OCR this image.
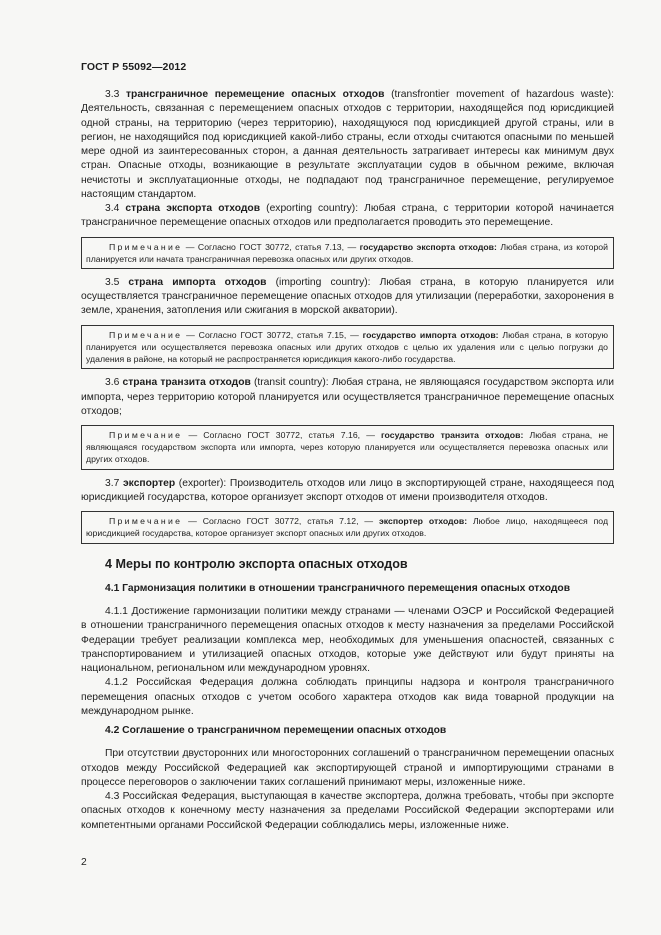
ГОСТ Р 55092—2012

3.3 трансграничное перемещение опасных отходов (transfrontier movement of hazardous waste): Деятельность, связанная с перемещением опасных отходов с территории, находящейся под юрисдикцией одной страны, на территорию (через территорию), находящуюся под юрисдикцией другой страны, или в регион, не находящийся под юрисдикцией какой-либо страны, если отходы считаются опасными по меньшей мере одной из заинтересованных сторон, а данная деятельность затрагивает интересы как минимум двух стран. Опасные отходы, возникающие в результате эксплуатации судов в обычном режиме, включая нечистоты и эксплуатационные отходы, не подпадают под трансграничное перемещение, регулируемое настоящим стандартом.

3.4 страна экспорта отходов (exporting country): Любая страна, с территории которой начинается трансграничное перемещение опасных отходов или предполагается проводить это перемещение.

Примечание — Согласно ГОСТ 30772, статья 7.13, — государство экспорта отходов: Любая страна, из которой планируется или начата трансграничная перевозка опасных или других отходов.

3.5 страна импорта отходов (importing country): Любая страна, в которую планируется или осуществляется трансграничное перемещение опасных отходов для утилизации (переработки, захоронения в земле, хранения, затопления или сжигания в морской акватории).

Примечание — Согласно ГОСТ 30772, статья 7.15, — государство импорта отходов: Любая страна, в которую планируется или осуществляется перевозка опасных или других отходов с целью их удаления или с целью погрузки до удаления в районе, на который не распространяется юрисдикция какого-либо государства.

3.6 страна транзита отходов (transit country): Любая страна, не являющаяся государством экспорта или импорта, через территорию которой планируется или осуществляется трансграничное перемещение опасных отходов;

Примечание — Согласно ГОСТ 30772, статья 7.16, — государство транзита отходов: Любая страна, не являющаяся государством экспорта или импорта, через которую планируется или осуществляется перевозка опасных или других отходов.

3.7 экспортер (exporter): Производитель отходов или лицо в экспортирующей стране, находящееся под юрисдикцией государства, которое организует экспорт отходов от имени производителя отходов.

Примечание — Согласно ГОСТ 30772, статья 7.12, — экспортер отходов: Любое лицо, находящееся под юрисдикцией государства, которое организует экспорт опасных или других отходов.
4 Меры по контролю экспорта опасных отходов
4.1 Гармонизация политики в отношении трансграничного перемещения опасных отходов

4.1.1 Достижение гармонизации политики между странами — членами ОЭСР и Российской Федерацией в отношении трансграничного перемещения опасных отходов к месту назначения за пределами Российской Федерации требует реализации комплекса мер, необходимых для уменьшения опасностей, связанных с транспортированием и утилизацией опасных отходов, которые уже действуют или будут приняты на национальном, региональном или международном уровнях.

4.1.2 Российская Федерация должна соблюдать принципы надзора и контроля трансграничного перемещения опасных отходов с учетом особого характера отходов как вида товарной продукции на международном рынке.

4.2 Соглашение о трансграничном перемещении опасных отходов

При отсутствии двусторонних или многосторонних соглашений о трансграничном перемещении опасных отходов между Российской Федерацией как экспортирующей страной и импортирующими странами в процессе переговоров о заключении таких соглашений принимают меры, изложенные ниже.

4.3 Российская Федерация, выступающая в качестве экспортера, должна требовать, чтобы при экспорте опасных отходов к конечному месту назначения за пределами Российской Федерации экспортерами или компетентными органами Российской Федерации соблюдались меры, изложенные ниже.

2
